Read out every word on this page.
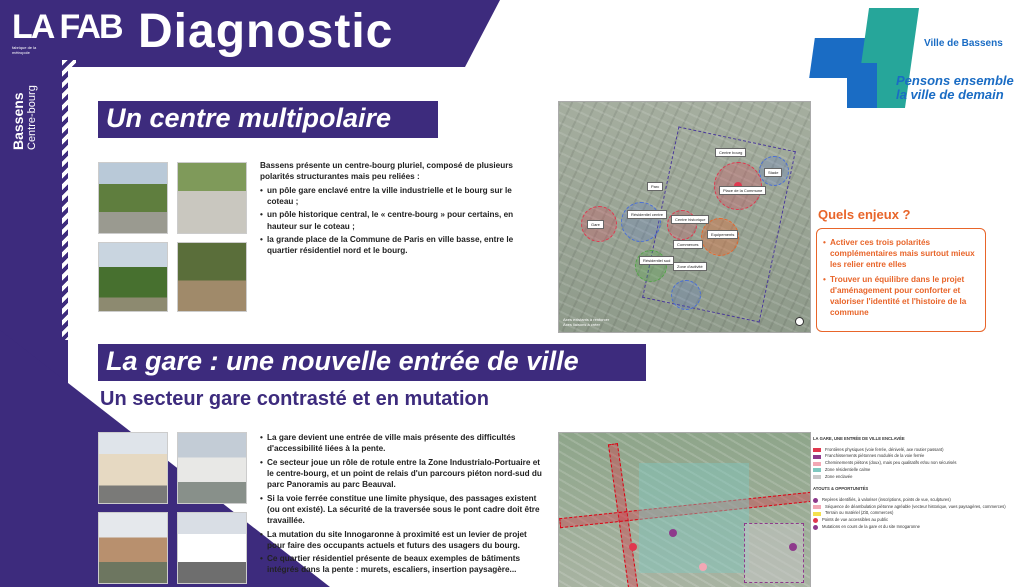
LA FAB
fabrique de la métropole
Bassens Centre-bourg
Diagnostic	Ville de Bassens
Pensons ensemble
la ville de demain
Un centre multipolaire
Bassens présente un centre-bourg pluriel, composé de plusieurs polarités structurantes mais peu reliées :
• un pôle gare enclavé entre la ville industrielle et le bourg sur le coteau ;
• un pôle historique central, le « centre-bourg » pour certains, en hauteur sur le coteau ;
• la grande place de la Commune de Paris en ville basse, entre le quartier résidentiel nord et le bourg.
Gare
Résidentiel centre
Centre historique
Place de la Commune
Commerces
Stade
Résidentiel sud
Parc
Equipements
Centre bourg
Zone d'activité
Axes existants à renforcer
Axes liaisons à créer
Quels enjeux ?
• Activer ces trois polarités complémentaires mais surtout mieux les relier entre elles
• Trouver un équilibre dans le projet d'aménagement pour conforter et valoriser l'identité et l'histoire de la commune
La gare : une nouvelle entrée de ville
Un secteur gare contrasté et en mutation
• La gare devient une entrée de ville mais présente des difficultés d'accessibilité liées à la pente.
• Ce secteur joue un rôle de rotule entre la Zone Industrialo-Portuaire et le centre-bourg, et un point de relais d'un parcours piéton nord-sud du parc Panoramis au parc Beauval.
• Si la voie ferrée constitue une limite physique, des passages existent (ou ont existé). La sécurité de la traversée sous le pont cadre doit être travaillée.
• La mutation du site Innogaronne à proximité est un levier de projet pour faire des occupants actuels et futurs des usagers du bourg.
• Ce quartier résidentiel présente de beaux exemples de bâtiments intégrés dans la pente : murets, escaliers, insertion paysagère...
LA GARE, UNE ENTRÉE DE VILLE ENCLAVÉE
Frontières physiques (voie ferrée, dénivelé, axe routier passant)
Franchissements piétonnes modulés de la voie ferrée
Cheminements piétons (doux), mais peu qualitatifs et/ou non sécurisés
Zone résidentielle calme
Zone enclavée
ATOUTS & OPPORTUNITÉS
Repères identifiés, à valoriser (inscriptions, points de vue, sculptures)
Séquence de déambulation piétonne agréable (vecteur historique, vues paysagères, commerces)
Terrain ou matériel (Zitt, commerces)
Points de vue accessibles au public
Mutations en cours de la gare et du site Innogaronne
